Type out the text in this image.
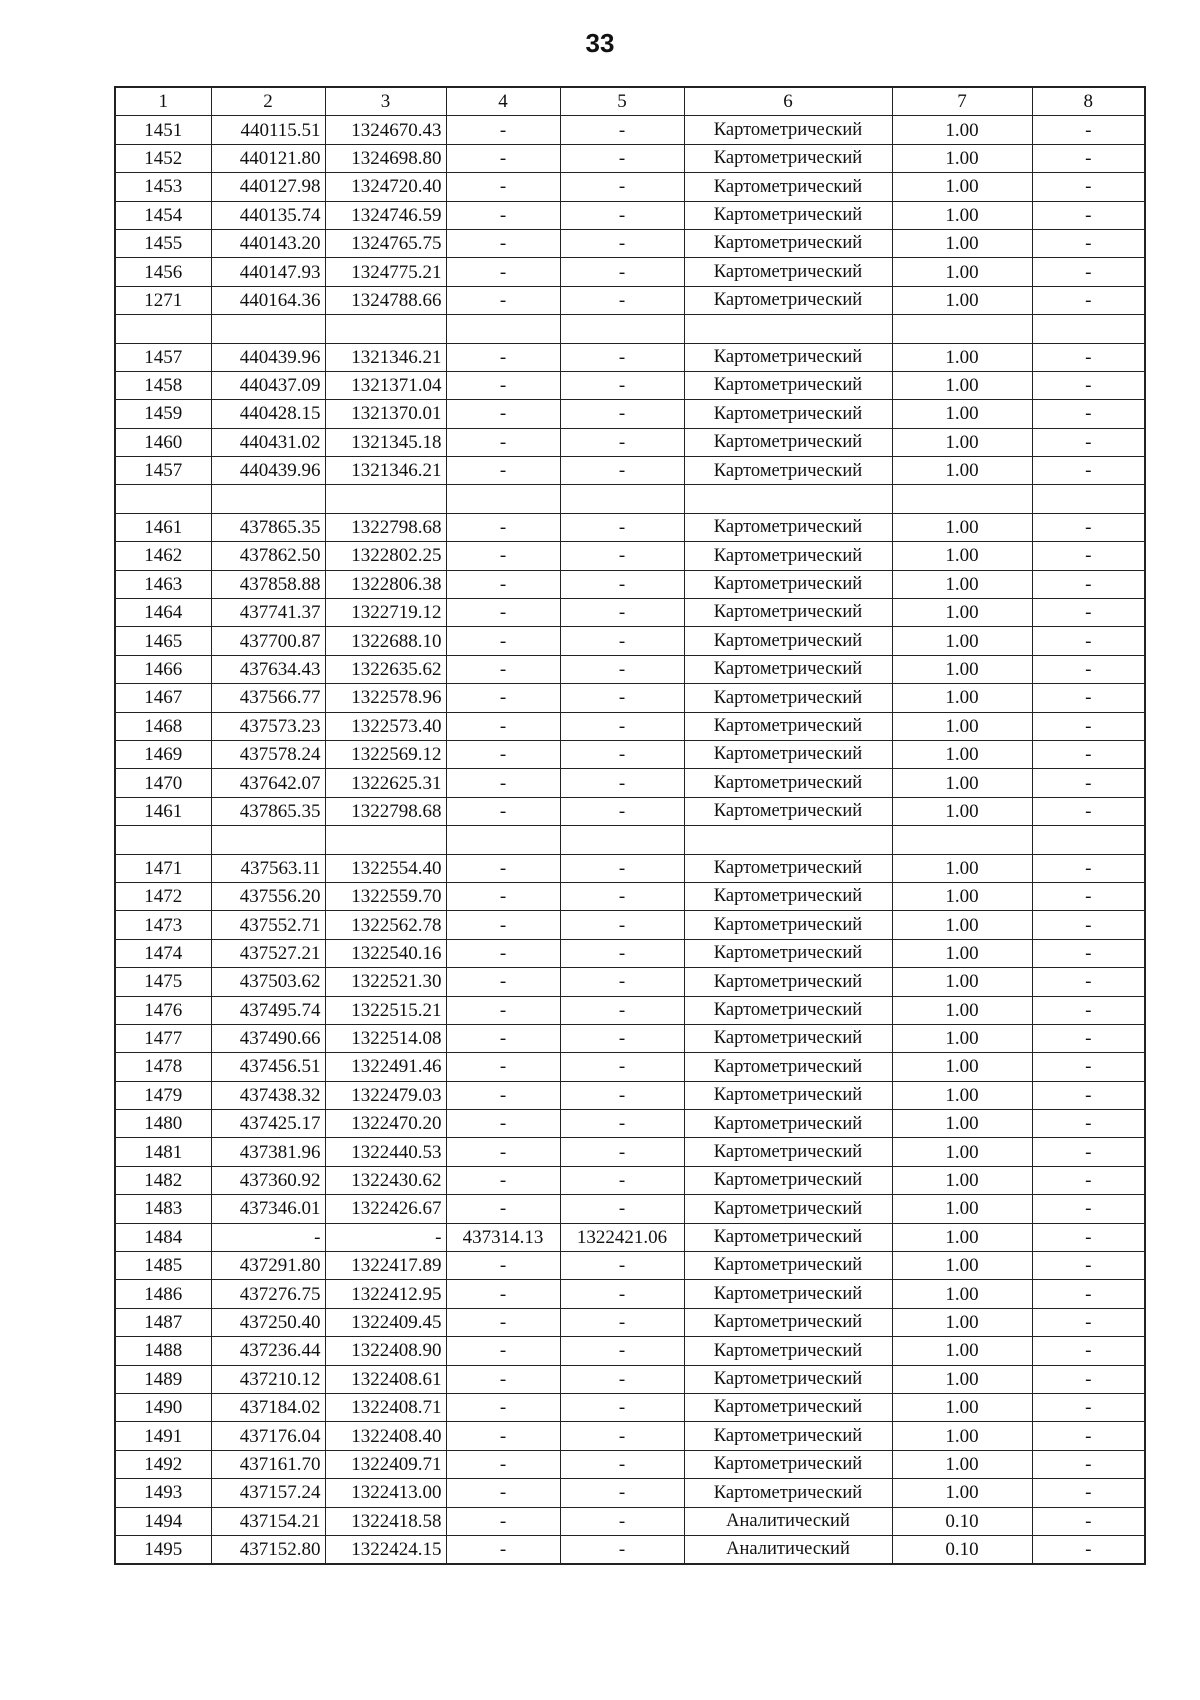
33
1	2	3	4	5	6	7	8
1451	440115.51	1324670.43	-	-	Картометрический	1.00	-
1452	440121.80	1324698.80	-	-	Картометрический	1.00	-
1453	440127.98	1324720.40	-	-	Картометрический	1.00	-
1454	440135.74	1324746.59	-	-	Картометрический	1.00	-
1455	440143.20	1324765.75	-	-	Картометрический	1.00	-
1456	440147.93	1324775.21	-	-	Картометрический	1.00	-
1271	440164.36	1324788.66	-	-	Картометрический	1.00	-

1457	440439.96	1321346.21	-	-	Картометрический	1.00	-
1458	440437.09	1321371.04	-	-	Картометрический	1.00	-
1459	440428.15	1321370.01	-	-	Картометрический	1.00	-
1460	440431.02	1321345.18	-	-	Картометрический	1.00	-
1457	440439.96	1321346.21	-	-	Картометрический	1.00	-

1461	437865.35	1322798.68	-	-	Картометрический	1.00	-
1462	437862.50	1322802.25	-	-	Картометрический	1.00	-
1463	437858.88	1322806.38	-	-	Картометрический	1.00	-
1464	437741.37	1322719.12	-	-	Картометрический	1.00	-
1465	437700.87	1322688.10	-	-	Картометрический	1.00	-
1466	437634.43	1322635.62	-	-	Картометрический	1.00	-
1467	437566.77	1322578.96	-	-	Картометрический	1.00	-
1468	437573.23	1322573.40	-	-	Картометрический	1.00	-
1469	437578.24	1322569.12	-	-	Картометрический	1.00	-
1470	437642.07	1322625.31	-	-	Картометрический	1.00	-
1461	437865.35	1322798.68	-	-	Картометрический	1.00	-

1471	437563.11	1322554.40	-	-	Картометрический	1.00	-
1472	437556.20	1322559.70	-	-	Картометрический	1.00	-
1473	437552.71	1322562.78	-	-	Картометрический	1.00	-
1474	437527.21	1322540.16	-	-	Картометрический	1.00	-
1475	437503.62	1322521.30	-	-	Картометрический	1.00	-
1476	437495.74	1322515.21	-	-	Картометрический	1.00	-
1477	437490.66	1322514.08	-	-	Картометрический	1.00	-
1478	437456.51	1322491.46	-	-	Картометрический	1.00	-
1479	437438.32	1322479.03	-	-	Картометрический	1.00	-
1480	437425.17	1322470.20	-	-	Картометрический	1.00	-
1481	437381.96	1322440.53	-	-	Картометрический	1.00	-
1482	437360.92	1322430.62	-	-	Картометрический	1.00	-
1483	437346.01	1322426.67	-	-	Картометрический	1.00	-
1484	-	-	437314.13	1322421.06	Картометрический	1.00	-
1485	437291.80	1322417.89	-	-	Картометрический	1.00	-
1486	437276.75	1322412.95	-	-	Картометрический	1.00	-
1487	437250.40	1322409.45	-	-	Картометрический	1.00	-
1488	437236.44	1322408.90	-	-	Картометрический	1.00	-
1489	437210.12	1322408.61	-	-	Картометрический	1.00	-
1490	437184.02	1322408.71	-	-	Картометрический	1.00	-
1491	437176.04	1322408.40	-	-	Картометрический	1.00	-
1492	437161.70	1322409.71	-	-	Картометрический	1.00	-
1493	437157.24	1322413.00	-	-	Картометрический	1.00	-
1494	437154.21	1322418.58	-	-	Аналитический	0.10	-
1495	437152.80	1322424.15	-	-	Аналитический	0.10	-
